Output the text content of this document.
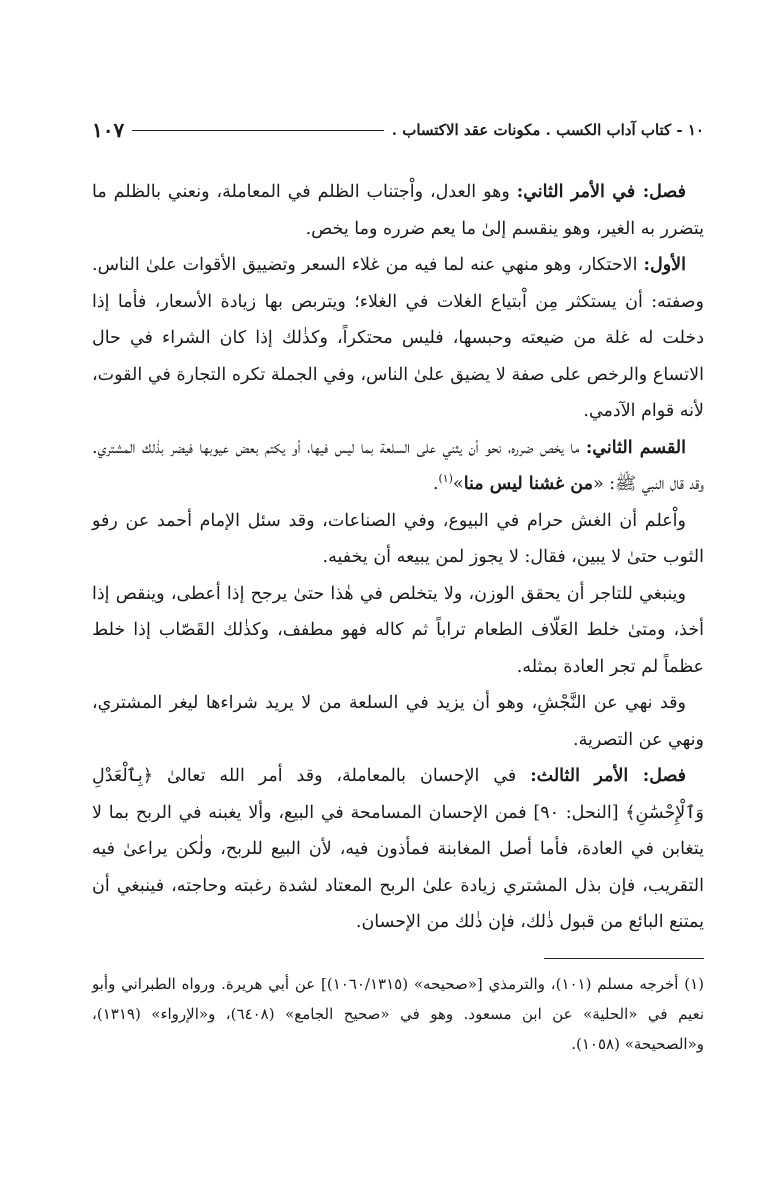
١٠ - كتاب آداب الكسب . مكونات عقد الاكتساب .
١٠٧

فصل: في الأمر الثاني: وهو العدل، واْجتناب الظلم في المعاملة، ونعني بالظلم ما يتضرر به الغير، وهو ينقسم إلىٰ ما يعم ضرره وما يخص.

الأول: الاحتكار، وهو منهي عنه لما فيه من غلاء السعر وتضييق الأقوات علىٰ الناس. وصفته: أن يستكثر مِن اْبتياع الغلات في الغلاء؛ ويتربص بها زيادة الأسعار، فأما إذا دخلت له غلة من ضيعته وحبسها، فليس محتكراً، وكذٰلك إذا كان الشراء في حال الاتساع والرخص على صفة لا يضيق علىٰ الناس، وفي الجملة تكره التجارة في القوت، لأنه قوام الآدمي.

القسم الثاني: ما يخص ضرره، نحو أن يثني على السلعة بما ليس فيها، أو يكتم بعض عيوبها فيضر بذٰلك المشتري. وقد قال النبي ﷺ: «من غشنا ليس منا»$^{(١)}$.

واْعلم أن الغش حرام في البيوع، وفي الصناعات، وقد سئل الإمام أحمد عن رفو الثوب حتىٰ لا يبين، فقال: لا يجوز لمن يبيعه أن يخفيه.

وينبغي للتاجر أن يحقق الوزن، ولا يتخلص في هٰذا حتىٰ يرجح إذا أعطى، وينقص إذا أخذ، ومتىٰ خلط العَلّاف الطعام تراباً ثم كاله فهو مطفف، وكذٰلك القَصّاب إذا خلط عظماً لم تجر العادة بمثله.

وقد نهي عن النَّجْشِ، وهو أن يزيد في السلعة من لا يريد شراءها ليغر المشتري، ونهي عن التصرية.

فصل: الأمر الثالث: في الإحسان بالمعاملة، وقد أمر الله تعالىٰ ﴿بِٱلْعَدْلِ وَٱلْإِحْسَٰنِ﴾ [النحل: ٩٠] فمن الإحسان المسامحة في البيع، وألا يغبنه في الربح بما لا يتغابن في العادة، فأما أصل المغابنة فمأذون فيه، لأن البيع للربح، ولٰكن يراعىٰ فيه التقريب، فإن بذل المشتري زيادة علىٰ الربح المعتاد لشدة رغبته وحاجته، فينبغي أن يمتنع البائع من قبول ذٰلك، فإن ذٰلك من الإحسان.

(١) أخرجه مسلم (١٠١)، والترمذي [«صحيحه» (١٠٦٠/١٣١٥)] عن أبي هريرة. ورواه الطبراني وأبو نعيم في «الحلية» عن ابن مسعود. وهو في «صحيح الجامع» (٦٤٠٨)، و«الإرواء» (١٣١٩)، و«الصحيحة» (١٠٥٨).
